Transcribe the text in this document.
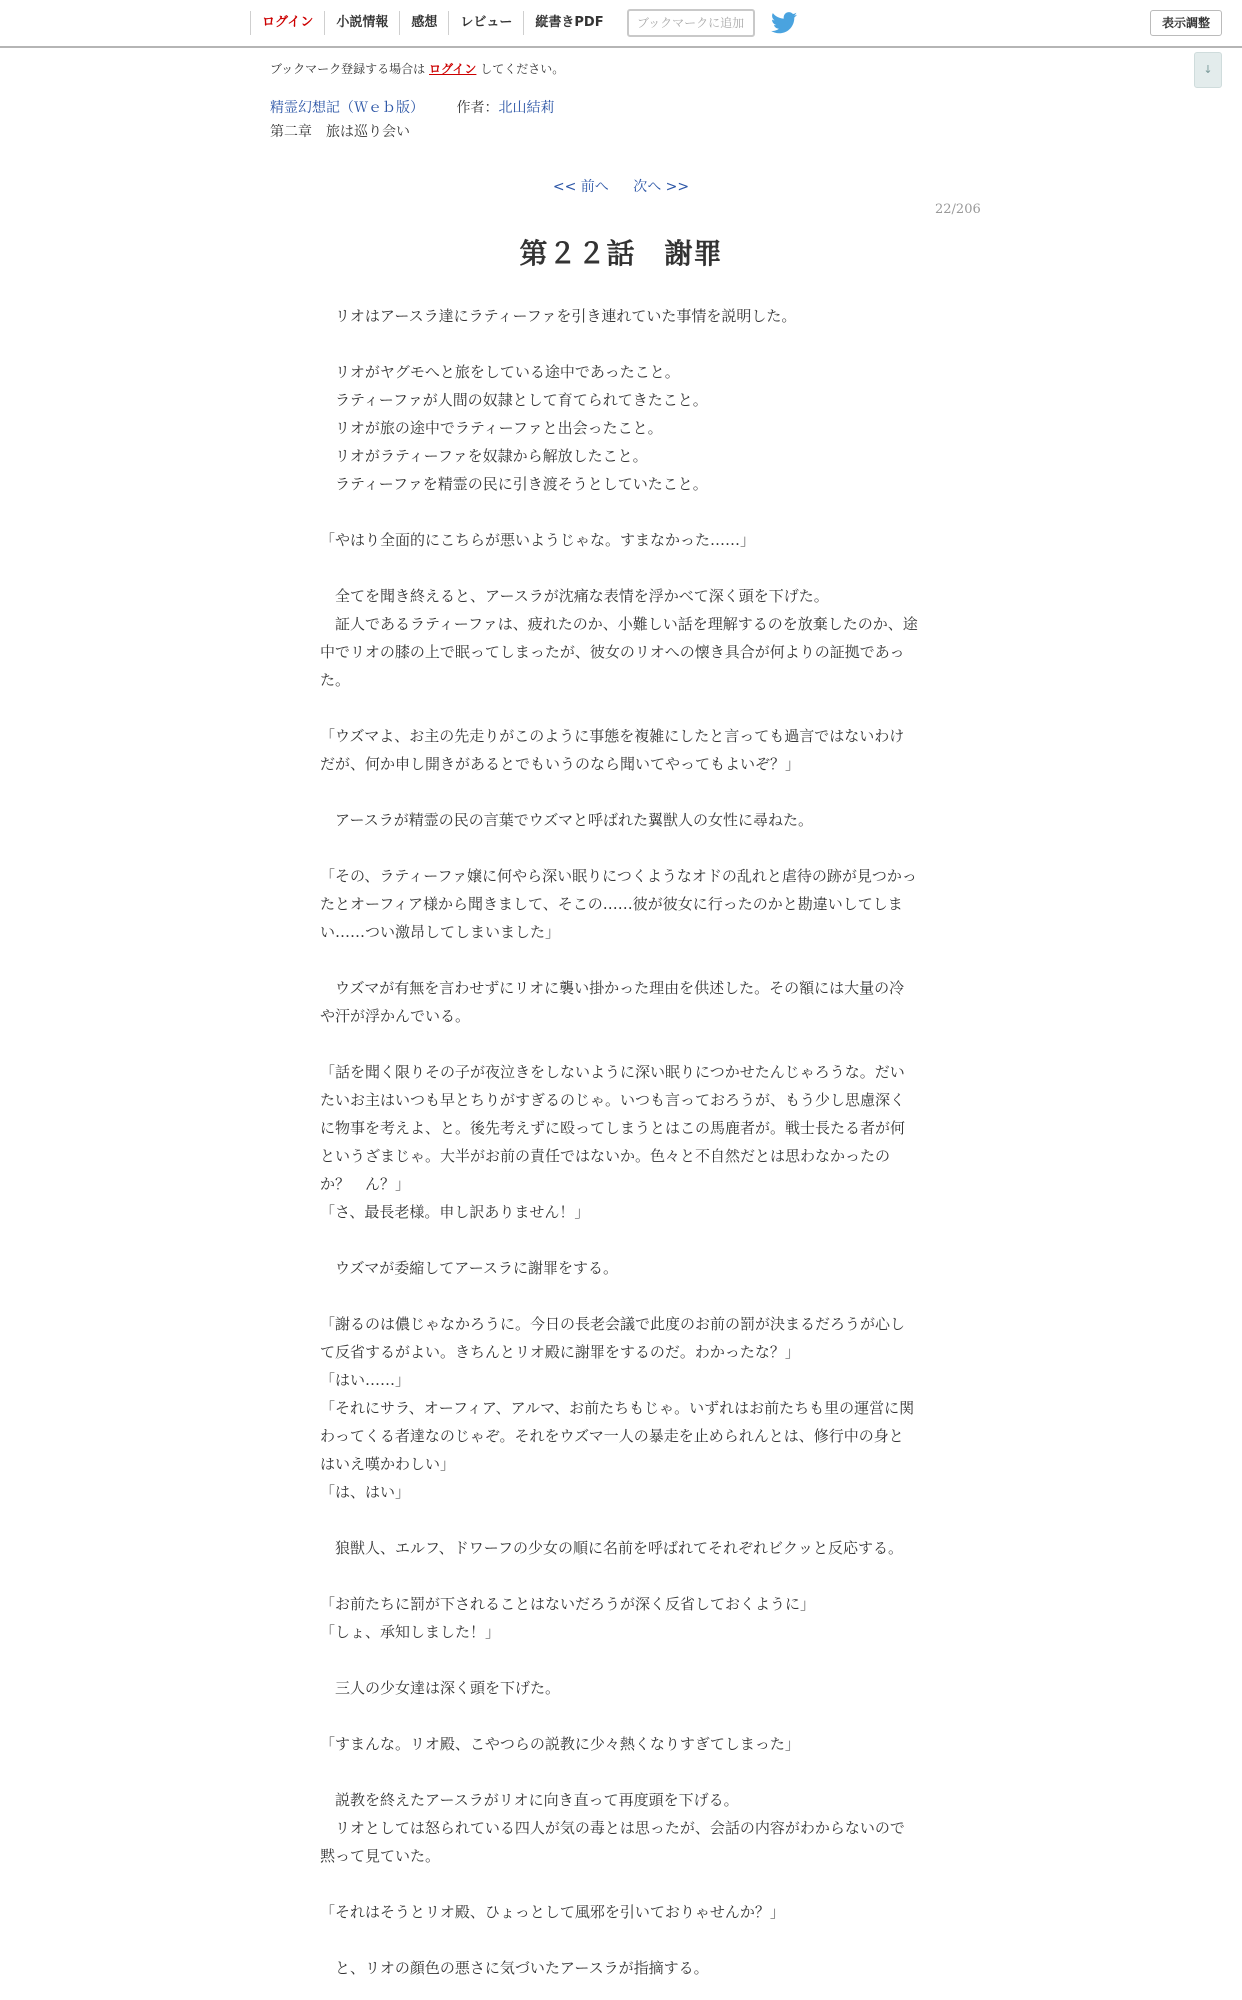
ログイン	小説情報	感想	レビュー	縦書きPDF	ブックマークに追加	表示調整
↓
ブックマーク登録する場合は ログイン してください。
精霊幻想記（Ｗｅｂ版） 作者：北山結莉
第二章　旅は巡り会い
<< 前へ 次へ >>
22/206
第２２話　謝罪

　リオはアースラ達にラティーファを引き連れていた事情を説明した。

　リオがヤグモへと旅をしている途中であったこと。

　ラティーファが人間の奴隷として育てられてきたこと。

　リオが旅の途中でラティーファと出会ったこと。

　リオがラティーファを奴隷から解放したこと。

　ラティーファを精霊の民に引き渡そうとしていたこと。

「やはり全面的にこちらが悪いようじゃな。すまなかった……」

　全てを聞き終えると、アースラが沈痛な表情を浮かべて深く頭を下げた。

　証人であるラティーファは、疲れたのか、小難しい話を理解するのを放棄したのか、途中でリオの膝の上で眠ってしまったが、彼女のリオへの懐き具合が何よりの証拠であった。

「ウズマよ、お主の先走りがこのように事態を複雑にしたと言っても過言ではないわけだが、何か申し開きがあるとでもいうのなら聞いてやってもよいぞ？」

　アースラが精霊の民の言葉でウズマと呼ばれた翼獣人の女性に尋ねた。

「その、ラティーファ嬢に何やら深い眠りにつくようなオドの乱れと虐待の跡が見つかったとオーフィア様から聞きまして、そこの……彼が彼女に行ったのかと勘違いしてしまい……つい激昂してしまいました」

　ウズマが有無を言わせずにリオに襲い掛かった理由を供述した。その額には大量の冷や汗が浮かんでいる。

「話を聞く限りその子が夜泣きをしないように深い眠りにつかせたんじゃろうな。だいたいお主はいつも早とちりがすぎるのじゃ。いつも言っておろうが、もう少し思慮深くに物事を考えよ、と。後先考えずに殴ってしまうとはこの馬鹿者が。戦士長たる者が何というざまじゃ。大半がお前の責任ではないか。色々と不自然だとは思わなかったのか？　ん？」

「さ、最長老様。申し訳ありません！」

　ウズマが委縮してアースラに謝罪をする。

「謝るのは儂じゃなかろうに。今日の長老会議で此度のお前の罰が決まるだろうが心して反省するがよい。きちんとリオ殿に謝罪をするのだ。わかったな？」

「はい……」

「それにサラ、オーフィア、アルマ、お前たちもじゃ。いずれはお前たちも里の運営に関わってくる者達なのじゃぞ。それをウズマ一人の暴走を止められんとは、修行中の身とはいえ嘆かわしい」

「は、はい」

　狼獣人、エルフ、ドワーフの少女の順に名前を呼ばれてそれぞれビクッと反応する。

「お前たちに罰が下されることはないだろうが深く反省しておくように」

「しょ、承知しました！」

　三人の少女達は深く頭を下げた。

「すまんな。リオ殿、こやつらの説教に少々熱くなりすぎてしまった」

　説教を終えたアースラがリオに向き直って再度頭を下げる。

　リオとしては怒られている四人が気の毒とは思ったが、会話の内容がわからないので黙って見ていた。

「それはそうとリオ殿、ひょっとして風邪を引いておりゃせんか？」

　と、リオの顔色の悪さに気づいたアースラが指摘する。
